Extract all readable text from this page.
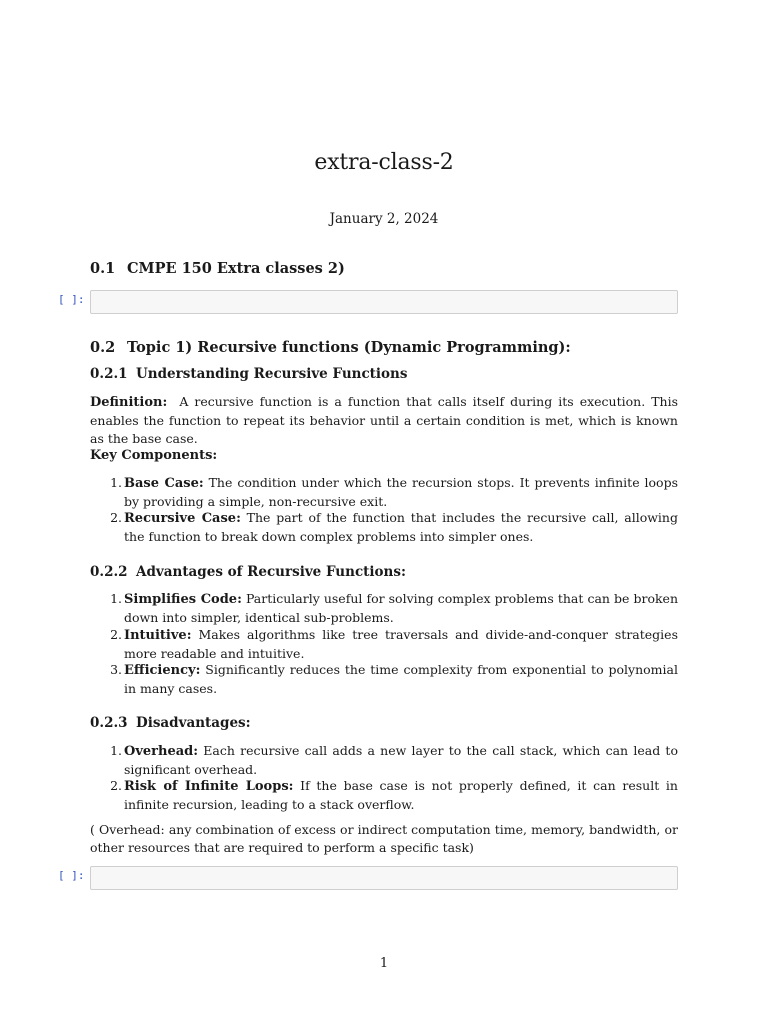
extra-class-2
January 2, 2024
0.1 CMPE 150 Extra classes 2)
[ ]:
0.2 Topic 1) Recursive functions (Dynamic Programming):
0.2.1 Understanding Recursive Functions
Definition: A recursive function is a function that calls itself during its execution. This enables the function to repeat its behavior until a certain condition is met, which is known as the base case.
Key Components:
1. Base Case: The condition under which the recursion stops. It prevents infinite loops by providing a simple, non-recursive exit.
2. Recursive Case: The part of the function that includes the recursive call, allowing the function to break down complex problems into simpler ones.
0.2.2 Advantages of Recursive Functions:
1. Simplifies Code: Particularly useful for solving complex problems that can be broken down into simpler, identical sub-problems.
2. Intuitive: Makes algorithms like tree traversals and divide-and-conquer strategies more readable and intuitive.
3. Efficiency: Significantly reduces the time complexity from exponential to polynomial in many cases.
0.2.3 Disadvantages:
1. Overhead: Each recursive call adds a new layer to the call stack, which can lead to significant overhead.
2. Risk of Infinite Loops: If the base case is not properly defined, it can result in infinite recursion, leading to a stack overflow.
( Overhead: any combination of excess or indirect computation time, memory, bandwidth, or other resources that are required to perform a specific task)
[ ]:
1
